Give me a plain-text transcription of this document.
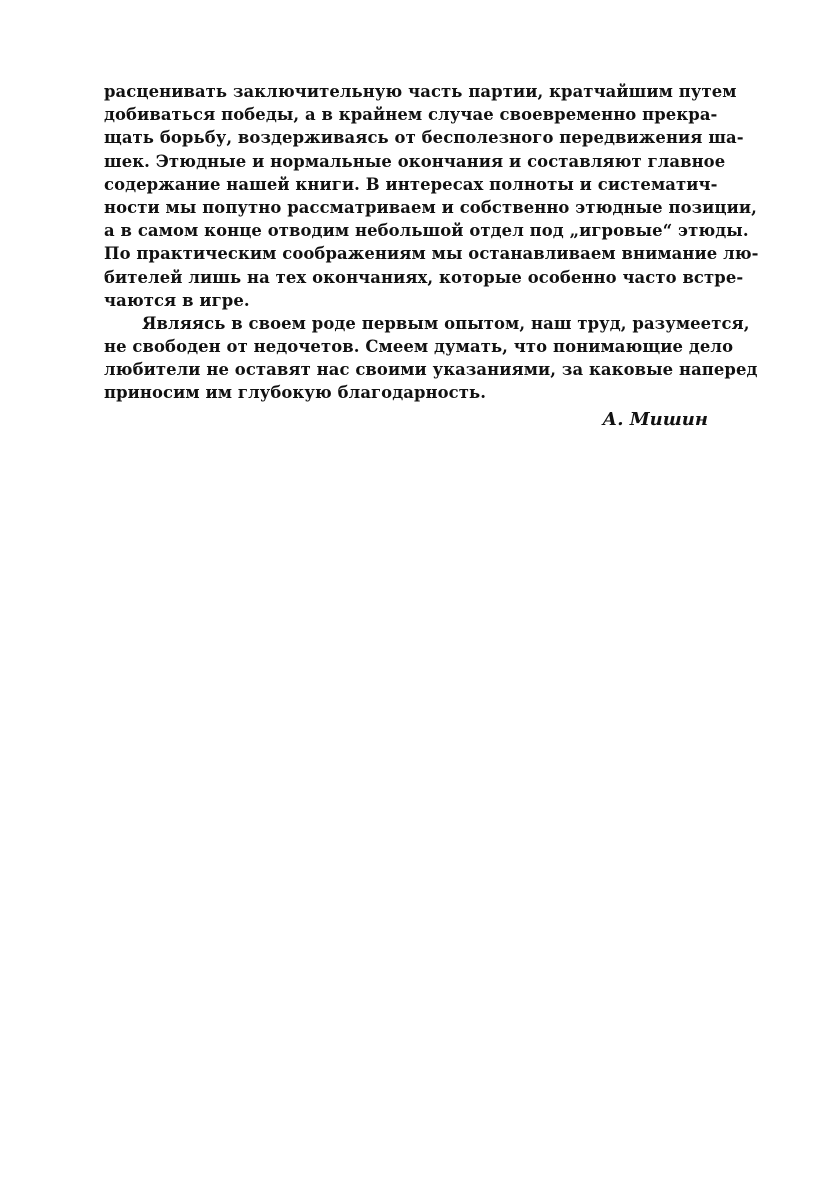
расценивать заключительную часть партии, кратчайшим путем
добиваться победы, а в крайнем случае своевременно прекра-
щать борьбу, воздерживаясь от бесполезного передвижения ша-
шек. Этюдные и нормальные окончания и составляют главное
содержание нашей книги. В интересах полноты и систематич-
ности мы попутно рассматриваем и собственно этюдные позиции,
а в самом конце отводим небольшой отдел под „игровые“ этюды.
По практическим соображениям мы останавливаем внимание лю-
бителей лишь на тех окончаниях, которые особенно часто встре-
чаются в игре.
Являясь в своем роде первым опытом, наш труд, разумеется,
не свободен от недочетов. Смеем думать, что понимающие дело
любители не оставят нас своими указаниями, за каковые наперед
приносим им глубокую благодарность.
А. Мишин
